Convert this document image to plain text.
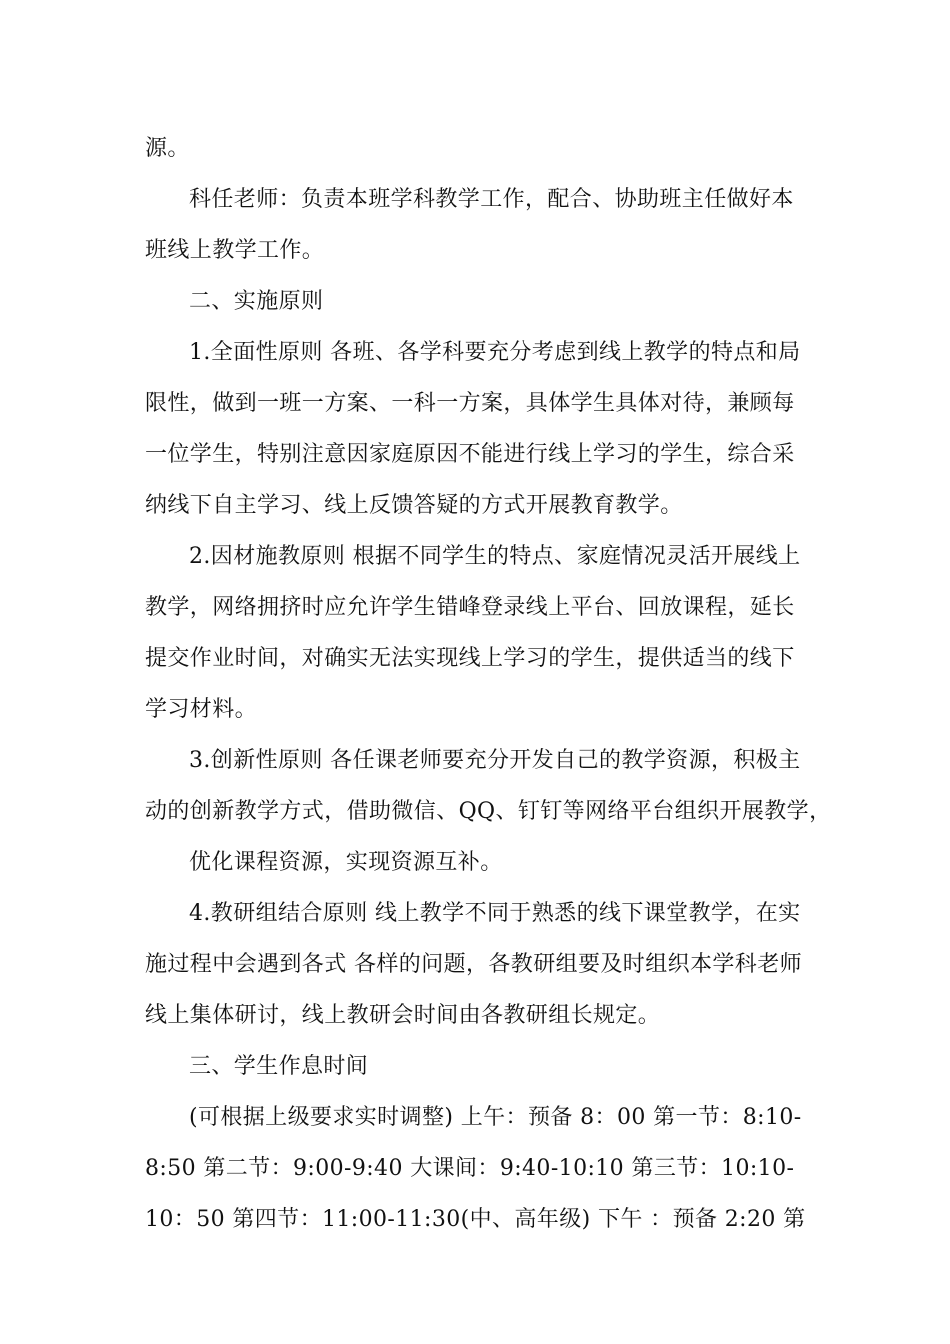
源。
科任老师：负责本班学科教学工作，配合、协助班主任做好本
班线上教学工作。
二、实施原则
1.全面性原则 各班、各学科要充分考虑到线上教学的特点和局
限性，做到一班一方案、一科一方案，具体学生具体对待，兼顾每
一位学生，特别注意因家庭原因不能进行线上学习的学生，综合采
纳线下自主学习、线上反馈答疑的方式开展教育教学。
2.因材施教原则 根据不同学生的特点、家庭情况灵活开展线上
教学，网络拥挤时应允许学生错峰登录线上平台、回放课程，延长
提交作业时间，对确实无法实现线上学习的学生，提供适当的线下
学习材料。
3.创新性原则 各任课老师要充分开发自己的教学资源，积极主
动的创新教学方式，借助微信、QQ、钉钉等网络平台组织开展教学，
优化课程资源，实现资源互补。
4.教研组结合原则 线上教学不同于熟悉的线下课堂教学，在实
施过程中会遇到各式 各样的问题，各教研组要及时组织本学科老师
线上集体研讨，线上教研会时间由各教研组长规定。
三、学生作息时间
(可根据上级要求实时调整) 上午：预备 8：00 第一节：8:10-
8:50 第二节：9:00-9:40 大课间：9:40-10:10 第三节：10:10-
10：50 第四节：11:00-11:30(中、高年级) 下午 ：预备 2:20 第
